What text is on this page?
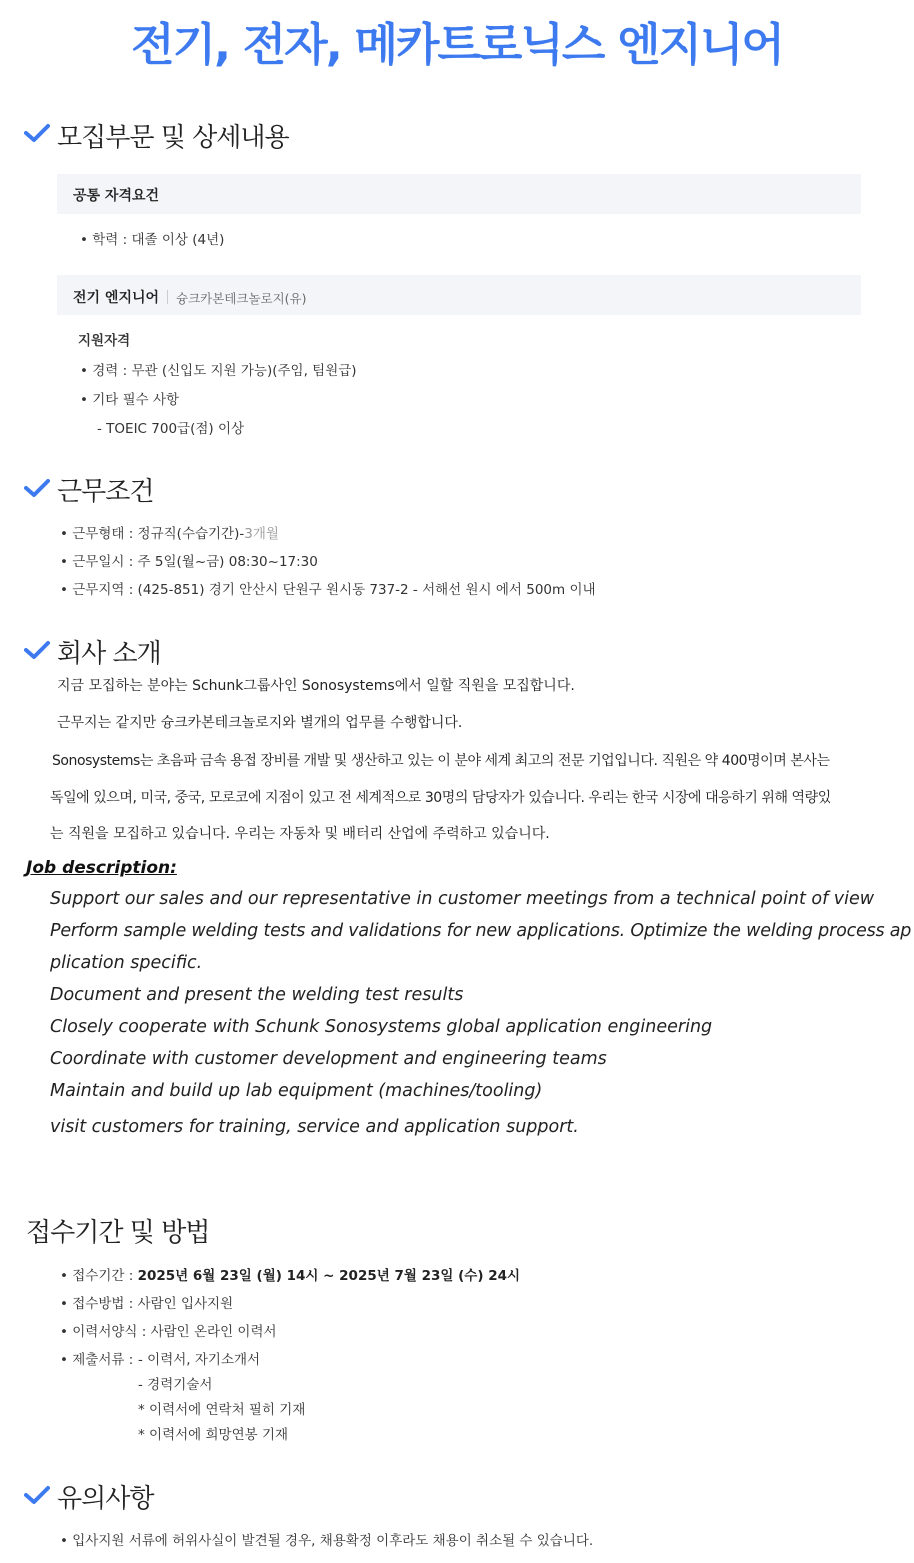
전기, 전자, 메카트로닉스 엔지니어
모집부문 및 상세내용
공통 자격요건
• 학력 : 대졸 이상 (4년)
전기 엔지니어 슝크카본테크놀로지(유)
지원자격
• 경력 : 무관 (신입도 지원 가능)(주임, 팀원급)
• 기타 필수 사항
- TOEIC 700급(점) 이상
근무조건
• 근무형태 : 정규직(수습기간)-3개월
• 근무일시 : 주 5일(월~금) 08:30~17:30
• 근무지역 : (425-851) 경기 안산시 단원구 원시동 737-2 - 서해선 원시 에서 500m 이내
회사 소개
지금 모집하는 분야는 Schunk그룹사인 Sonosystems에서 일할 직원을 모집합니다.
근무지는 같지만 슝크카본테크놀로지와 별개의 업무를 수행합니다.
Sonosystems는 초음파 금속 용접 장비를 개발 및 생산하고 있는 이 분야 세계 최고의 전문 기업입니다. 직원은 약 400명이며 본사는
독일에 있으며, 미국, 중국, 모로코에 지점이 있고 전 세계적으로 30명의 담당자가 있습니다. 우리는 한국 시장에 대응하기 위해 역량있
는 직원을 모집하고 있습니다. 우리는 자동차 및 배터리 산업에 주력하고 있습니다.
Job description:
Support our sales and our representative in customer meetings from a technical point of view
Perform sample welding tests and validations for new applications. Optimize the welding process ap
plication specific.
Document and present the welding test results
Closely cooperate with Schunk Sonosystems global application engineering
Coordinate with customer development and engineering teams
Maintain and build up lab equipment (machines/tooling)
visit customers for training, service and application support.
접수기간 및 방법
• 접수기간 : 2025년 6월 23일 (월) 14시 ~ 2025년 7월 23일 (수) 24시
• 접수방법 : 사람인 입사지원
• 이력서양식 : 사람인 온라인 이력서
• 제출서류 : - 이력서, 자기소개서
- 경력기술서
* 이력서에 연락처 필히 기재
* 이력서에 희망연봉 기재
유의사항
• 입사지원 서류에 허위사실이 발견될 경우, 채용확정 이후라도 채용이 취소될 수 있습니다.
